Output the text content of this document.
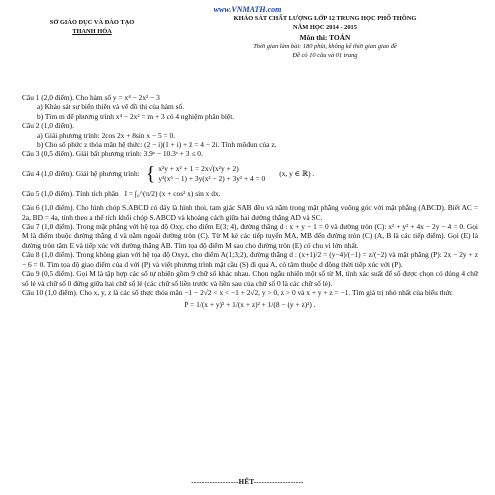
www.VNMATH.com
SỞ GIÁO DỤC VÀ ĐÀO TẠO
THANH HÓA
KHẢO SÁT CHẤT LƯỢNG LỚP 12 TRUNG HỌC PHỔ THÔNG
NĂM HỌC 2014 - 2015
Môn thi: TOÁN
Thời gian làm bài: 180 phút, không kể thời gian giao đề
Đề có 10 câu và 01 trang
Câu 1 (2,0 điểm). Cho hàm số y = x⁴ − 2x² − 3
a) Khảo sát sự biến thiên và vẽ đồ thị của hàm số.
b) Tìm m để phương trình x⁴ − 2x² = m + 3 có 4 nghiệm phân biệt.
Câu 2 (1,0 điểm).
a) Giải phương trình: 2cos 2x + 8sin x − 5 = 0.
b) Cho số phức z thỏa mãn hệ thức: (2 − i)(1 + i) + z̄ = 4 − 2i. Tính môđun của z.
Câu 3 (0,5 điểm). Giải bất phương trình: 3.9ˣ − 10.3ˣ + 3 ≤ 0.
Câu 4 (1,0 điểm). Giải hệ phương trình: { x²y + x² + 1 = 2x√(x²y + 2)
y³(x⁶ − 1) + 3y(x² − 2) + 3y² + 4 = 0
(x, y ∈ ℝ) .
Câu 5 (1,0 điểm). Tính tích phân I = ∫₀^(π/2) (x + cos² x) sin x dx.
Câu 6 (1,0 điểm). Cho hình chóp S.ABCD có đáy là hình thoi, tam giác SAB đều và nằm trong mặt phẳng vuông góc với mặt phẳng (ABCD). Biết AC = 2a, BD = 4a, tính theo a thể tích khối chóp S.ABCD và khoảng cách giữa hai đường thẳng AD và SC.
Câu 7 (1,0 điểm). Trong mặt phẳng với hệ tọa độ Oxy, cho điểm E(3; 4), đường thẳng d : x + y − 1 = 0 và đường tròn (C): x² + y² + 4x − 2y − 4 = 0. Gọi M là điểm thuộc đường thẳng d và nằm ngoài đường tròn (C). Từ M kẻ các tiếp tuyến MA, MB đến đường tròn (C) (A, B là các tiếp điểm). Gọi (E) là đường tròn tâm E và tiếp xúc với đường thẳng AB. Tìm tọa độ điểm M sao cho đường tròn (E) có chu vi lớn nhất.
Câu 8 (1,0 điểm). Trong không gian với hệ tọa độ Oxyz, cho điểm A(1;3;2), đường thẳng d : (x+1)/2 = (y−4)/(−1) = z/(−2) và mặt phẳng (P): 2x − 2y + z − 6 = 0. Tìm tọa độ giao điểm của d với (P) và viết phương trình mặt cầu (S) đi qua A, có tâm thuộc d đồng thời tiếp xúc với (P).
Câu 9 (0,5 điểm). Gọi M là tập hợp các số tự nhiên gồm 9 chữ số khác nhau. Chọn ngẫu nhiên một số từ M, tính xác suất để số được chọn có đúng 4 chữ số lẻ và chữ số 0 đứng giữa hai chữ số lẻ (các chữ số liền trước và liền sau của chữ số 0 là các chữ số lẻ).
Câu 10 (1,0 điểm). Cho x, y, z là các số thực thỏa mãn −1 − 2√2 < x < −1 + 2√2, y > 0, z > 0 và x + y + z = −1. Tìm giá trị nhỏ nhất của biểu thức
P = 1/(x + y)² + 1/(x + z)² + 1/(8 − (y + z)²) .
------------------HẾT-------------------
